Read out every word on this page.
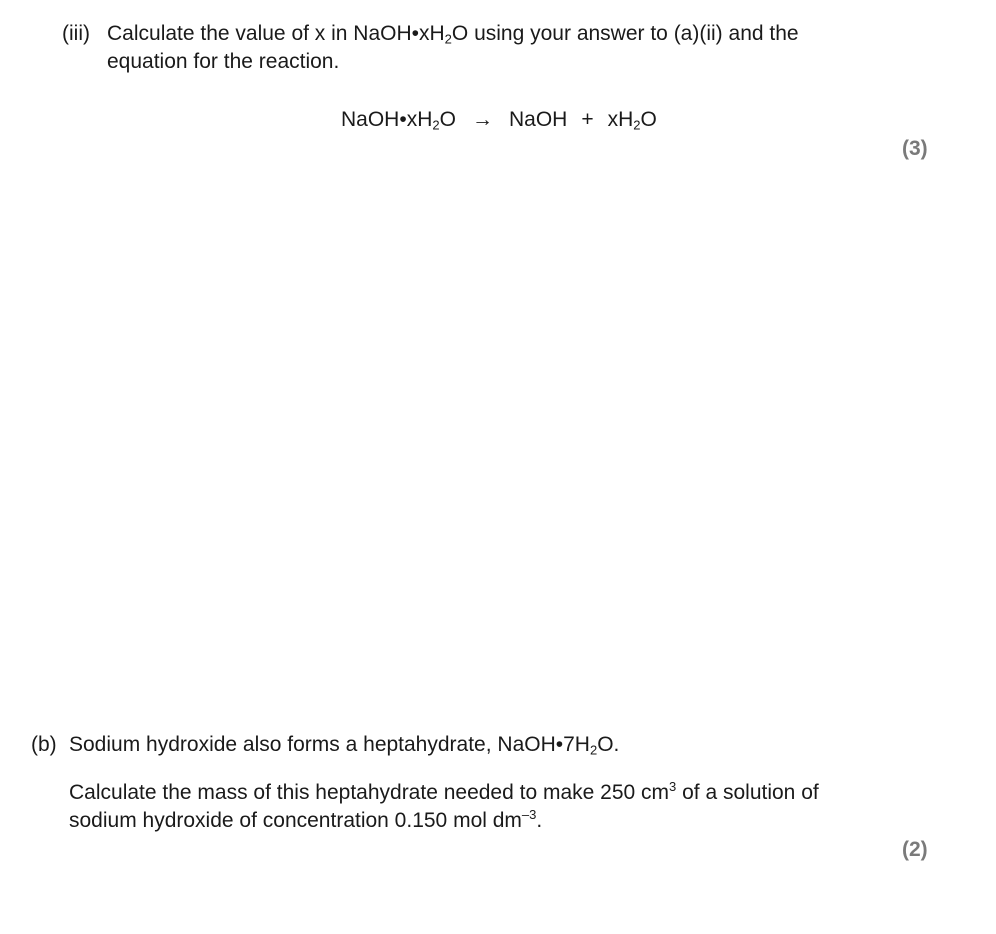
(iii) Calculate the value of x in $NaOH•xH_2O$ using your answer to (a)(ii) and the
equation for the reaction.
$NaOH•xH_2O$ → NaOH + $xH_2O$
(3)
(b) Sodium hydroxide also forms a heptahydrate, $NaOH•7H_2O$.
Calculate the mass of this heptahydrate needed to make 250 $cm^3$ of a solution of
sodium hydroxide of concentration 0.150 mol $dm^{-3}$.
(2)
